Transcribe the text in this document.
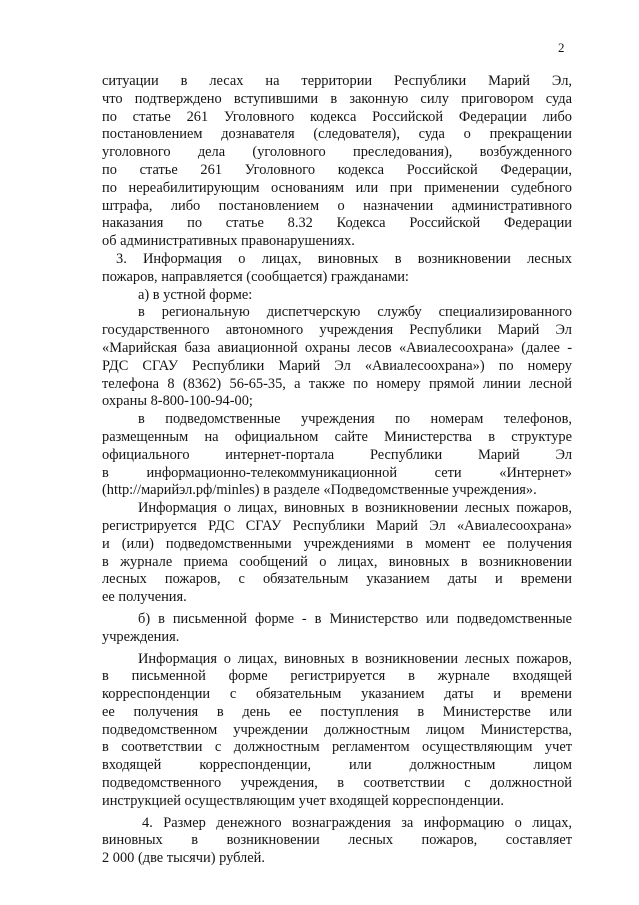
2
ситуации в лесах на территории Республики Марий Эл,
что подтверждено вступившими в законную силу приговором суда
по статье 261 Уголовного кодекса Российской Федерации либо
постановлением дознавателя (следователя), суда о прекращении
уголовного дела (уголовного преследования), возбужденного
по статье 261 Уголовного кодекса Российской Федерации,
по нереабилитирующим основаниям или при применении судебного
штрафа, либо постановлением о назначении административного
наказания по статье 8.32 Кодекса Российской Федерации
об административных правонарушениях.
3. Информация о лицах, виновных в возникновении лесных
пожаров, направляется (сообщается) гражданами:
а) в устной форме:
в региональную диспетчерскую службу специализированного
государственного автономного учреждения Республики Марий Эл
«Марийская база авиационной охраны лесов «Авиалесоохрана» (далее -
РДС СГАУ Республики Марий Эл «Авиалесоохрана») по номеру
телефона 8 (8362) 56-65-35, а также по номеру прямой линии лесной
охраны 8-800-100-94-00;
в подведомственные учреждения по номерам телефонов,
размещенным на официальном сайте Министерства в структуре
официального интернет-портала Республики Марий Эл
в информационно-телекоммуникационной сети «Интернет»
(http://марийэл.рф/minles) в разделе «Подведомственные учреждения».
Информация о лицах, виновных в возникновении лесных пожаров,
регистрируется РДС СГАУ Республики Марий Эл «Авиалесоохрана»
и (или) подведомственными учреждениями в момент ее получения
в журнале приема сообщений о лицах, виновных в возникновении
лесных пожаров, с обязательным указанием даты и времени
ее получения.
б) в письменной форме - в Министерство или подведомственные
учреждения.
Информация о лицах, виновных в возникновении лесных пожаров,
в письменной форме регистрируется в журнале входящей
корреспонденции с обязательным указанием даты и времени
ее получения в день ее поступления в Министерстве или
подведомственном учреждении должностным лицом Министерства,
в соответствии с должностным регламентом осуществляющим учет
входящей корреспонденции, или должностным лицом
подведомственного учреждения, в соответствии с должностной
инструкцией осуществляющим учет входящей корреспонденции.
4. Размер денежного вознаграждения за информацию о лицах,
виновных в возникновении лесных пожаров, составляет
2 000 (две тысячи) рублей.
